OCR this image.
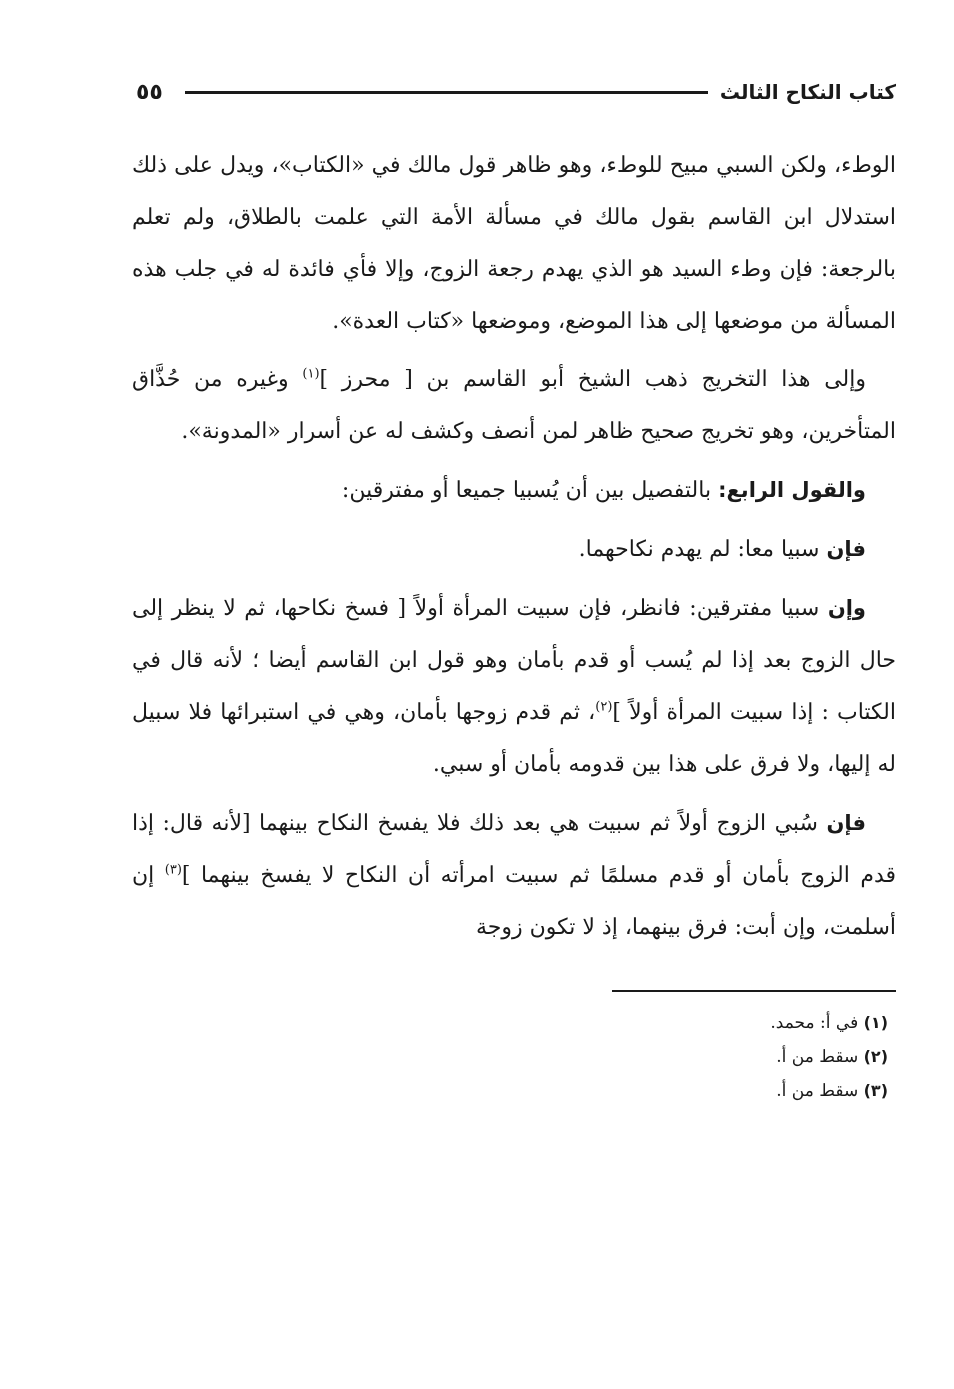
كتاب النكاح الثالث
٥٥

الوطء، ولكن السبي مبيح للوطء، وهو ظاهر قول مالك في «الكتاب»، ويدل على ذلك استدلال ابن القاسم بقول مالك في مسألة الأمة التي علمت بالطلاق، ولم تعلم بالرجعة: فإن وطء السيد هو الذي يهدم رجعة الزوج، وإلا فأي فائدة له في جلب هذه المسألة من موضعها إلى هذا الموضع، وموضعها «كتاب العدة».

وإلى هذا التخريج ذهب الشيخ أبو القاسم بن [ محرز ]$^{(١)}$ وغيره من حُذَّاق المتأخرين، وهو تخريج صحيح ظاهر لمن أنصف وكشف له عن أسرار «المدونة».

والقول الرابع: بالتفصيل بين أن يُسبيا جميعا أو مفترقين:

فإن سبيا معا: لم يهدم نكاحهما.

وإن سبيا مفترقين: فانظر، فإن سبيت المرأة أولاً [ فسخ نكاحها، ثم لا ينظر إلى حال الزوج بعد إذا لم يُسب أو قدم بأمان وهو قول ابن القاسم أيضا ؛ لأنه قال في الكتاب : إذا سبيت المرأة أولاً ]$^{(٢)}$، ثم قدم زوجها بأمان، وهي في استبرائها فلا سبيل له إليها، ولا فرق على هذا بين قدومه بأمان أو سبي.

فإن سُبي الزوج أولاً ثم سبيت هي بعد ذلك فلا يفسخ النكاح بينهما [لأنه قال: إذا قدم الزوج بأمان أو قدم مسلمًا ثم سبيت امرأته أن النكاح لا يفسخ بينهما ]$^{(٣)}$ إن أسلمت، وإن أبت: فرق بينهما، إذ لا تكون زوجة

(١) في أ: محمد.
(٢) سقط من أ.
(٣) سقط من أ.
